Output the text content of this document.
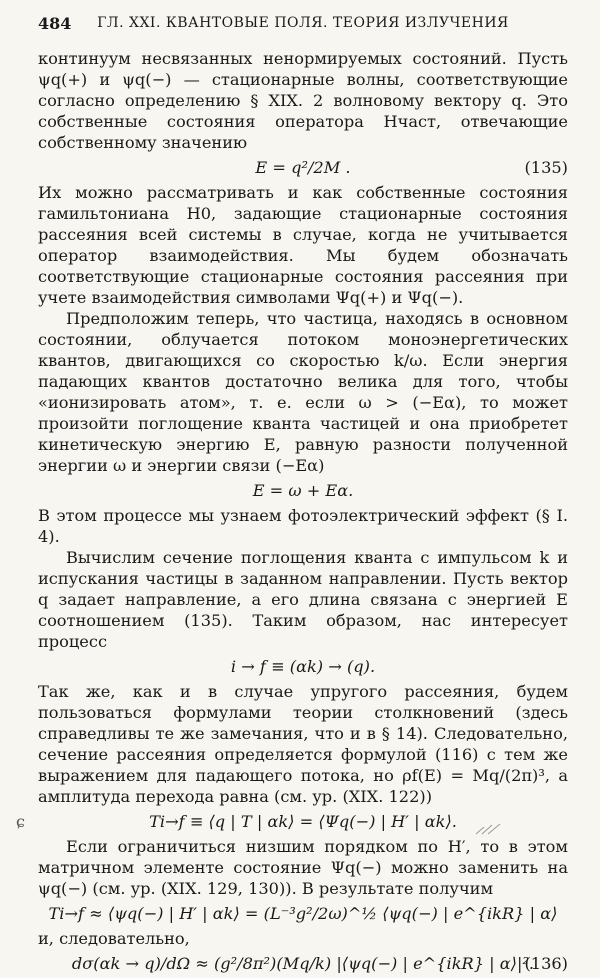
484	ГЛ. XXI. КВАНТОВЫЕ ПОЛЯ. ТЕОРИЯ ИЗЛУЧЕНИЯ

континуум несвязанных ненормируемых состояний. Пусть ψq(+) и ψq(−) — стационарные волны, соответствующие согласно определению § XIX. 2 волновому вектору q. Это собственные состояния оператора Hчаст, отвечающие собственному значению

E = q²/2M .	(135)

Их можно рассматривать и как собственные состояния гамильтониана H0, задающие стационарные состояния рассеяния всей системы в случае, когда не учитывается оператор взаимодействия. Мы будем обозначать соответствующие стационарные состояния рассеяния при учете взаимодействия символами Ψq(+) и Ψq(−).

Предположим теперь, что частица, находясь в основном состоянии, облучается потоком моноэнергетических квантов, двигающихся со скоростью k/ω. Если энергия падающих квантов достаточно велика для того, чтобы «ионизировать атом», т. е. если ω > (−Eα), то может произойти поглощение кванта частицей и она приобретет кинетическую энергию E, равную разности полученной энергии ω и энергии связи (−Eα)

E = ω + Eα.

В этом процессе мы узнаем фотоэлектрический эффект (§ I. 4).

Вычислим сечение поглощения кванта с импульсом k и испускания частицы в заданном направлении. Пусть вектор q задает направление, а его длина связана с энергией E соотношением (135). Таким образом, нас интересует процесс

i → f ≡ (αk) → (q).

Так же, как и в случае упругого рассеяния, будем пользоваться формулами теории столкновений (здесь справедливы те же замечания, что и в § 14). Следовательно, сечение рассеяния определяется формулой (116) с тем же выражением для падающего потока, но ρf(E) = Mq/(2π)³, а амплитуда перехода равна (см. ур. (XIX. 122))

ɕ	Ti→f ≡ ⟨q | T | αk⟩ = ⟨Ψq(−) | H′ | αk⟩.

Если ограничиться низшим порядком по H′, то в этом матричном элементе состояние Ψq(−) можно заменить на ψq(−) (см. ур. (XIX. 129, 130)). В результате получим

Ti→f ≈ ⟨ψq(−) | H′ | αk⟩ = (L⁻³g²/2ω)^½ ⟨ψq(−) | e^{ikR} | α⟩

и, следовательно,

dσ(αk → q)/dΩ ≈ (g²/8π²)(Mq/k) |⟨ψq(−) | e^{ikR} | α⟩|².
(136)
